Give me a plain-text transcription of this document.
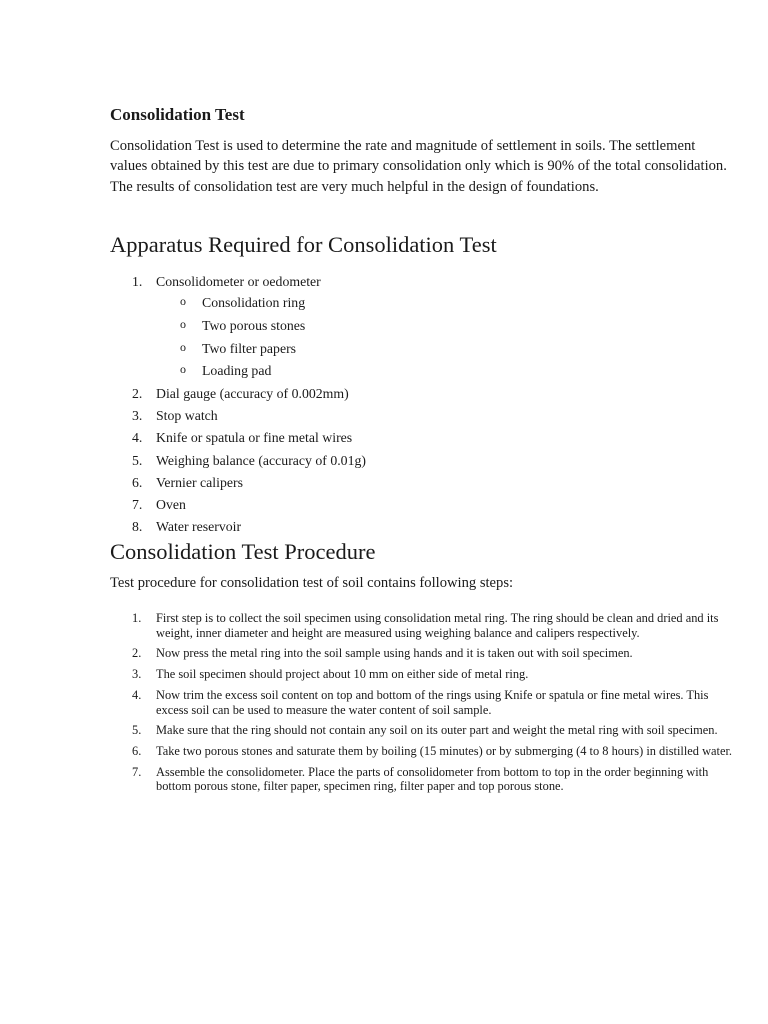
Consolidation Test

Consolidation Test is used to determine the rate and magnitude of settlement in soils. The settlement values obtained by this test are due to primary consolidation only which is 90% of the total consolidation. The results of consolidation test are very much helpful in the design of foundations.

Apparatus Required for Consolidation Test
1. Consolidometer or oedometer
o Consolidation ring
o Two porous stones
o Two filter papers
o Loading pad
2. Dial gauge (accuracy of 0.002mm)
3. Stop watch
4. Knife or spatula or fine metal wires
5. Weighing balance (accuracy of 0.01g)
6. Vernier calipers
7. Oven
8. Water reservoir
Consolidation Test Procedure

Test procedure for consolidation test of soil contains following steps:

1. First step is to collect the soil specimen using consolidation metal ring. The ring should be clean and dried and its weight, inner diameter and height are measured using weighing balance and calipers respectively.
2. Now press the metal ring into the soil sample using hands and it is taken out with soil specimen.
3. The soil specimen should project about 10 mm on either side of metal ring.
4. Now trim the excess soil content on top and bottom of the rings using Knife or spatula or fine metal wires. This excess soil can be used to measure the water content of soil sample.
5. Make sure that the ring should not contain any soil on its outer part and weight the metal ring with soil specimen.
6. Take two porous stones and saturate them by boiling (15 minutes) or by submerging (4 to 8 hours) in distilled water.
7. Assemble the consolidometer. Place the parts of consolidometer from bottom to top in the order beginning with bottom porous stone, filter paper, specimen ring, filter paper and top porous stone.
